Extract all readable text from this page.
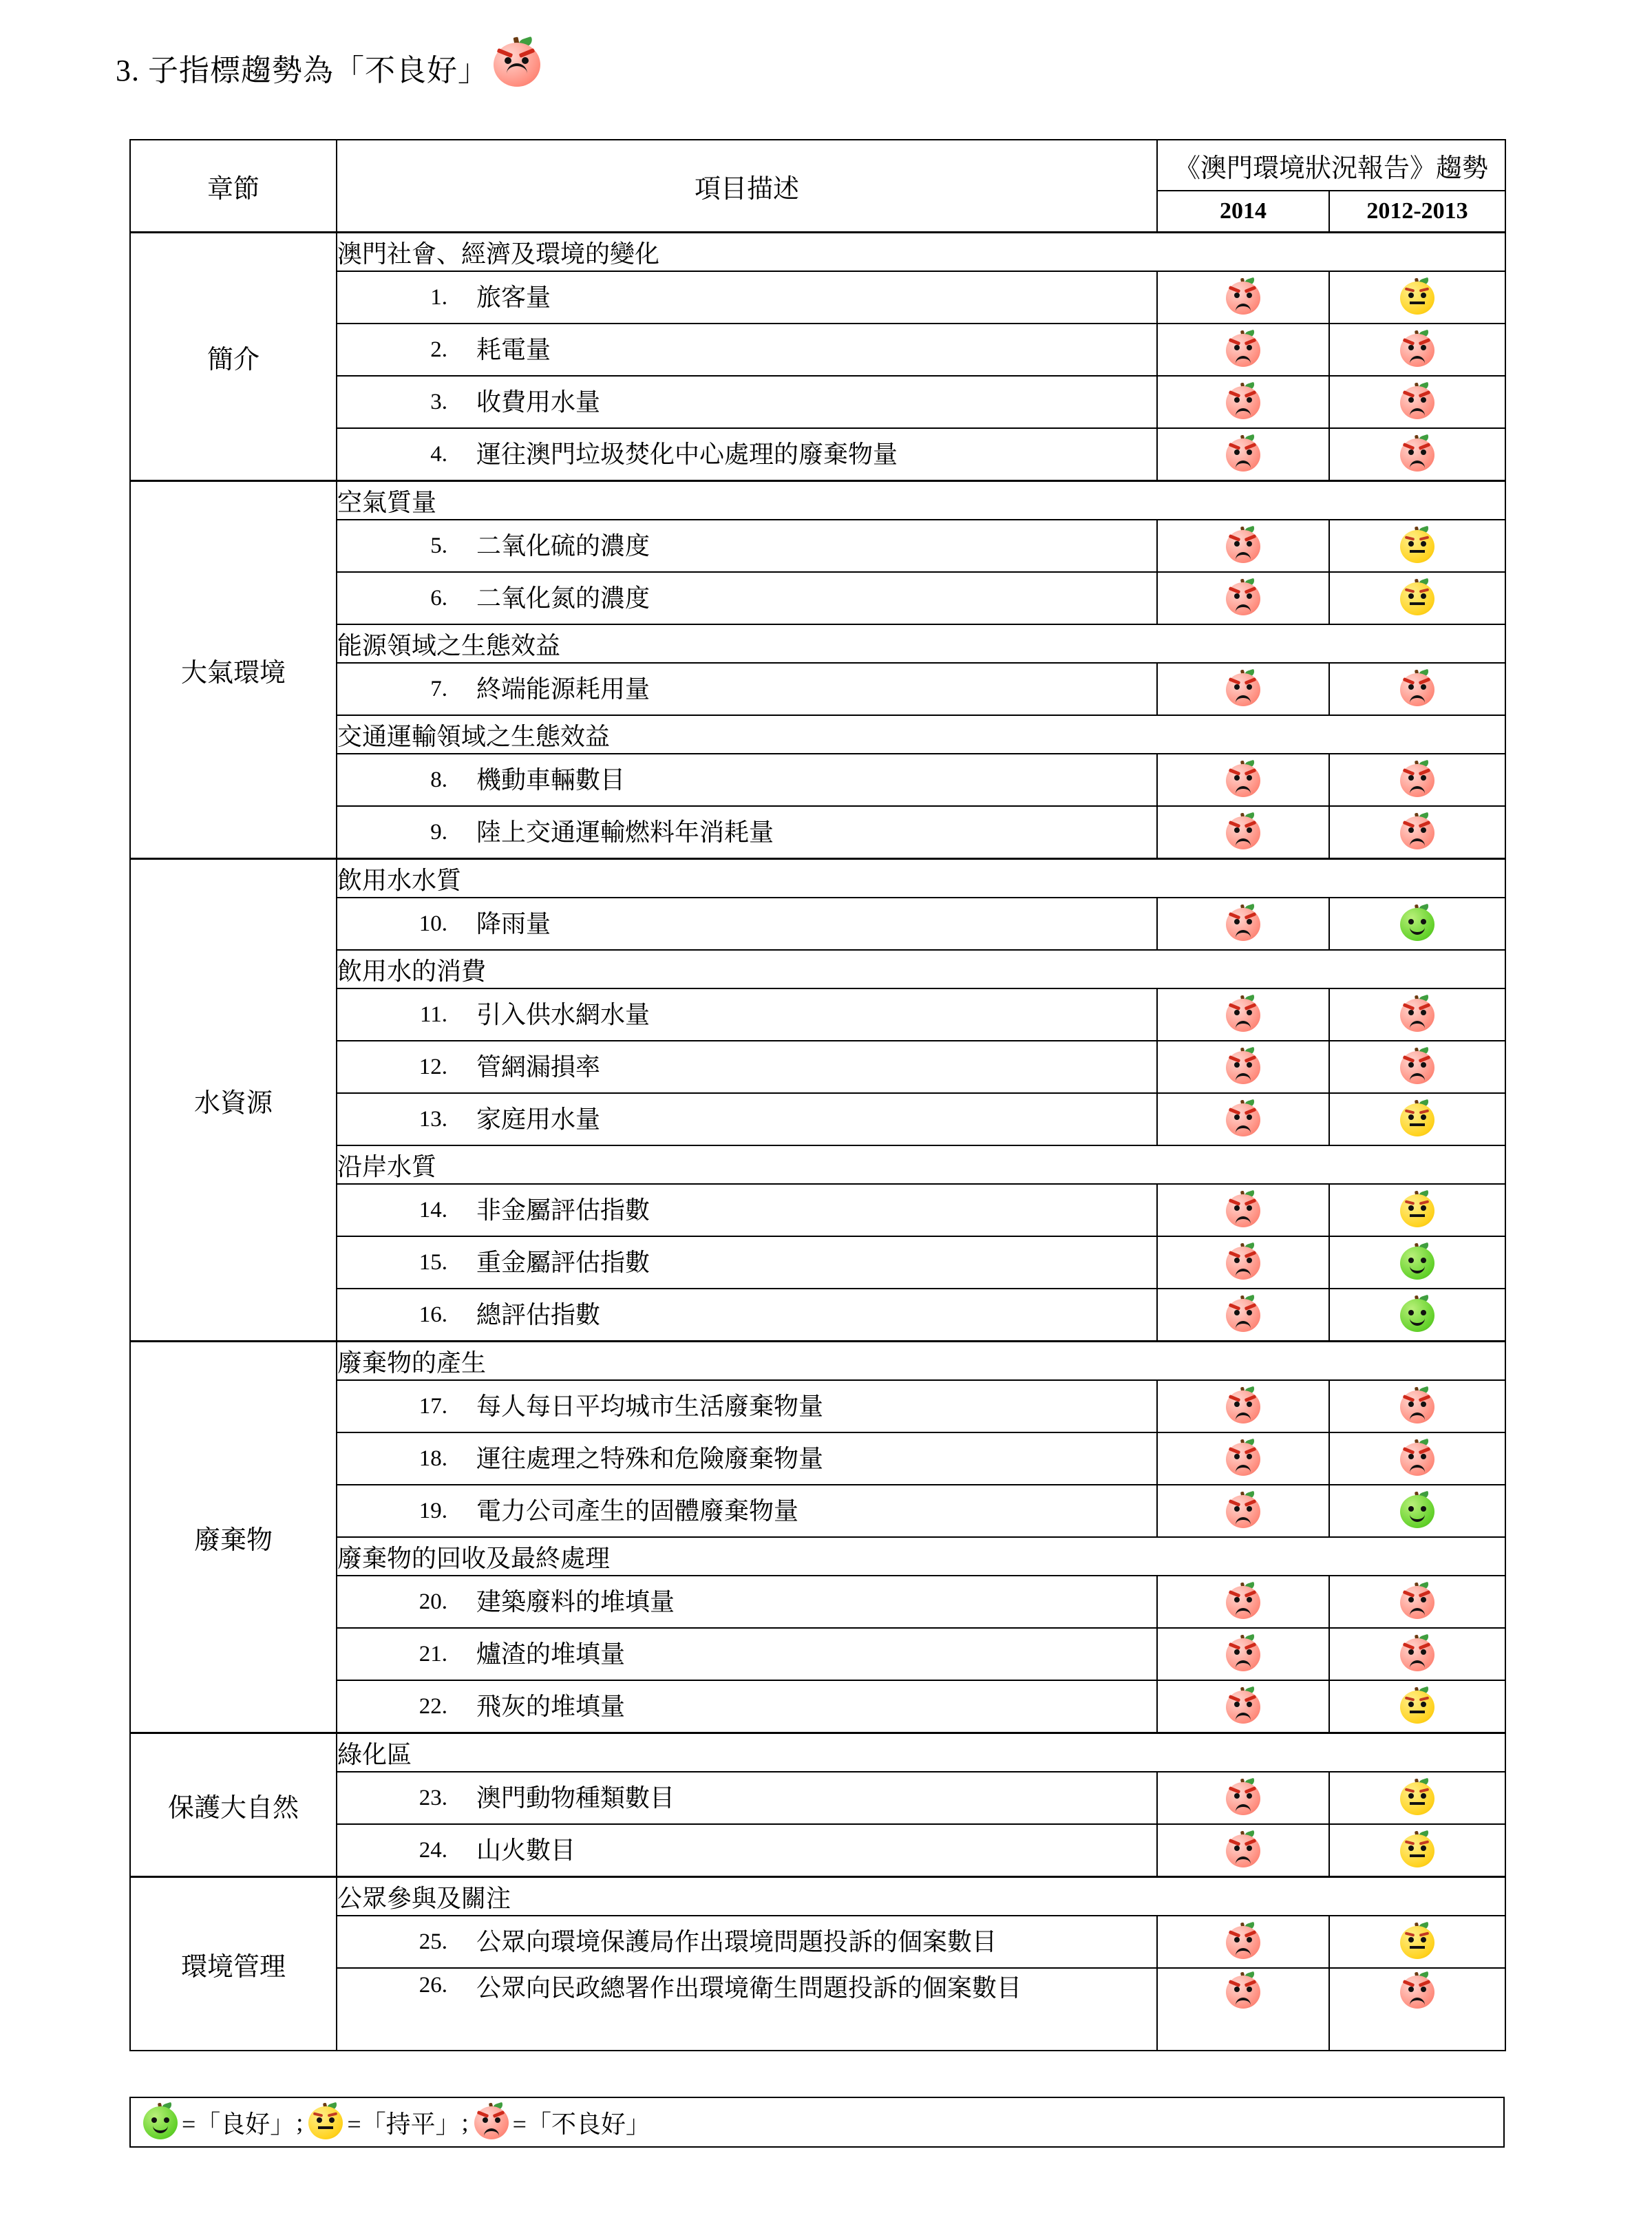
3. 子指標趨勢為「不良好」
章節	項目描述	《澳門環境狀況報告》趨勢	
		2014	2012-2013
簡介	澳門社會、經濟及環境的變化		

	1. 旅客量		

	2. 耗電量		

	3. 收費用水量		

	4. 運往澳門垃圾焚化中心處理的廢棄物量		

大氣環境	空氣質量		

	5. 二氧化硫的濃度		

	6. 二氧化氮的濃度		

	能源領域之生態效益		

	7. 終端能源耗用量		

	交通運輸領域之生態效益		

	8. 機動車輛數目		

	9. 陸上交通運輸燃料年消耗量		

水資源	飲用水水質		

	10. 降雨量		

	飲用水的消費		

	11. 引入供水網水量		

	12. 管網漏損率		

	13. 家庭用水量		

	沿岸水質		

	14. 非金屬評估指數		

	15. 重金屬評估指數		

	16. 總評估指數		

廢棄物	廢棄物的產生		

	17. 每人每日平均城市生活廢棄物量		

	18. 運往處理之特殊和危險廢棄物量		

	19. 電力公司產生的固體廢棄物量		

	廢棄物的回收及最終處理		

	20. 建築廢料的堆填量		

	21. 爐渣的堆填量		

	22. 飛灰的堆填量		

保護大自然	綠化區		

	23. 澳門動物種類數目		

	24. 山火數目		

環境管理	公眾參與及關注		

	25. 公眾向環境保護局作出環境問題投訴的個案數目		

	26. 公眾向民政總署作出環境衛生問題投訴的個案數目		

=「良好」 ; =「持平」 ; =「不良好」
